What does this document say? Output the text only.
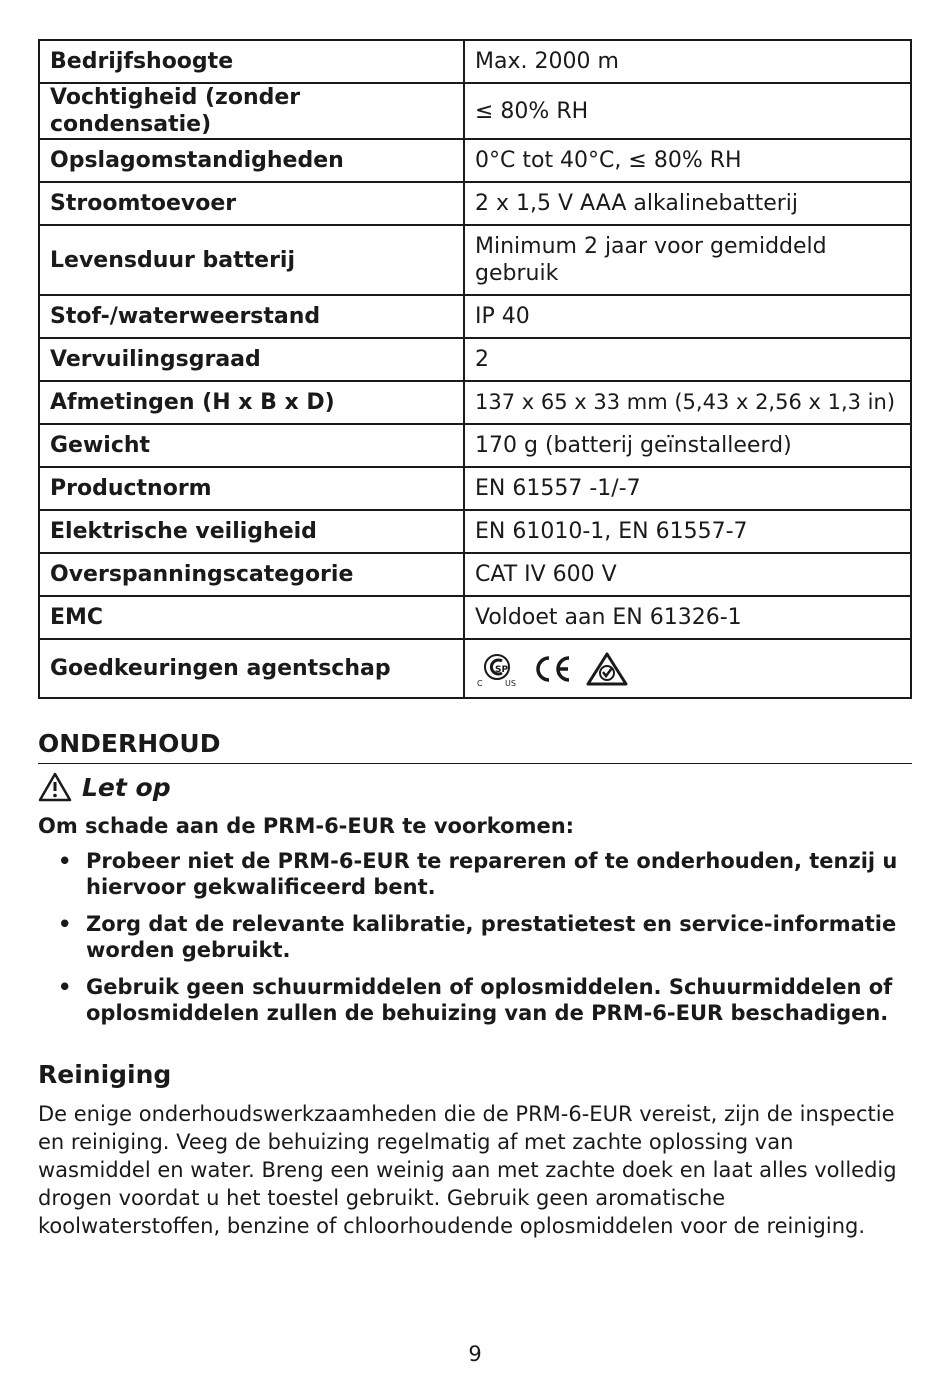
Bedrijfshoogte	Max. 2000 m
Vochtigheid (zonder condensatie)	≤ 80% RH
Opslagomstandigheden	0°C tot 40°C, ≤ 80% RH
Stroomtoevoer	2 x 1,5 V AAA alkalinebatterij
Levensduur batterij	Minimum 2 jaar voor gemiddeld gebruik
Stof-/waterweerstand	IP 40
Vervuilingsgraad	2
Afmetingen (H x B x D)	137 x 65 x 33 mm (5,43 x 2,56 x 1,3 in)
Gewicht	170 g (batterij geïnstalleerd)
Productnorm	EN 61557 -1/-7
Elektrische veiligheid	EN 61010-1, EN 61557-7
Overspanningscategorie	CAT IV 600 V
EMC	Voldoet aan EN 61326-1
Goedkeuringen agentschap	SP
C US
ONDERHOUD
Let op
Om schade aan de PRM-6-EUR te voorkomen:
• Probeer niet de PRM-6-EUR te repareren of te onderhouden, tenzij u hiervoor gekwalificeerd bent.
• Zorg dat de relevante kalibratie, prestatietest en service-informatie worden gebruikt.
• Gebruik geen schuurmiddelen of oplosmiddelen. Schuurmiddelen of oplosmiddelen zullen de behuizing van de PRM-6-EUR beschadigen.
Reiniging
De enige onderhoudswerkzaamheden die de PRM-6-EUR vereist, zijn de inspectie en reiniging. Veeg de behuizing regelmatig af met zachte oplossing van wasmiddel en water. Breng een weinig aan met zachte doek en laat alles volledig drogen voordat u het toestel gebruikt. Gebruik geen aromatische koolwaterstoffen, benzine of chloorhoudende oplosmiddelen voor de reiniging.
9
